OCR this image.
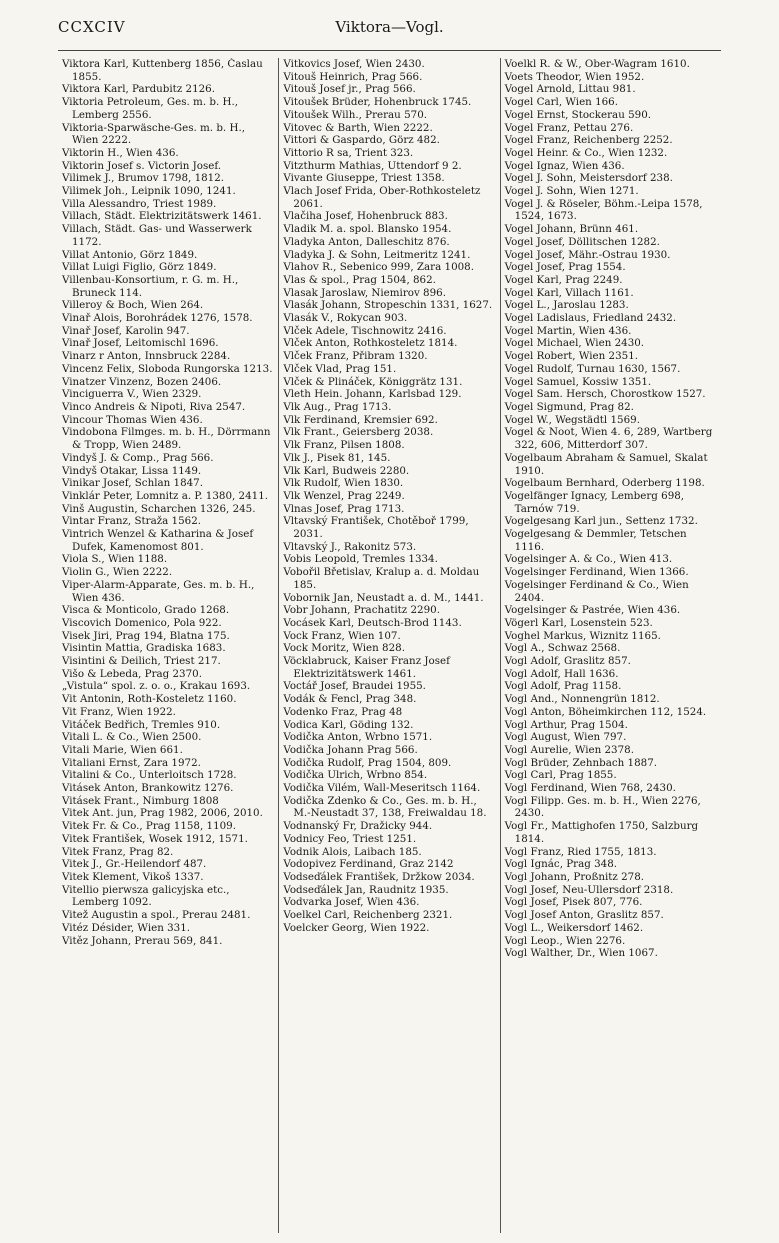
CCXCIV	Viktora—Vogl.
Viktora Karl, Kuttenberg 1856, Časlau 1855.
Viktora Karl, Pardubitz 2126.
Viktoria Petroleum, Ges. m. b. H., Lemberg 2556.
Viktoria-Sparwäsche-Ges. m. b. H., Wien 2222.
Viktorin H., Wien 436.
Viktorin Josef s. Victorin Josef.
Vilimek J., Brumov 1798, 1812.
Vilimek Joh., Leipnik 1090, 1241.
Villa Alessandro, Triest 1989.
Villach, Städt. Elektrizitätswerk 1461.
Villach, Städt. Gas- und Wasserwerk 1172.
Villat Antonio, Görz 1849.
Villat Luigi Figlio, Görz 1849.
Villenbau-Konsortium, r. G. m. H., Bruneck 114.
Villeroy & Boch, Wien 264.
Vinař Alois, Borohrádek 1276, 1578.
Vinař Josef, Karolin 947.
Vinař Josef, Leitomischl 1696.
Vinarz r Anton, Innsbruck 2284.
Vincenz Felix, Sloboda Rungorska 1213.
Vinatzer Vinzenz, Bozen 2406.
Vinciguerra V., Wien 2329.
Vinco Andreis & Nipoti, Riva 2547.
Vincour Thomas Wien 436.
Vindobona Filmges. m. b. H., Dörrmann & Tropp, Wien 2489.
Vindyš J. & Comp., Prag 566.
Vindyš Otakar, Lissa 1149.
Vinikar Josef, Schlan 1847.
Vinklár Peter, Lomnitz a. P. 1380, 2411.
Vinš Augustin, Scharchen 1326, 245.
Vintar Franz, Straža 1562.
Vintrich Wenzel & Katharina & Josef Dufek, Kamenomost 801.
Viola S., Wien 1188.
Violin G., Wien 2222.
Viper-Alarm-Apparate, Ges. m. b. H., Wien 436.
Visca & Monticolo, Grado 1268.
Viscovich Domenico, Pola 922.
Visek Jiri, Prag 194, Blatna 175.
Visintin Mattia, Gradiska 1683.
Visintini & Deilich, Triest 217.
Višo & Lebeda, Prag 2370.
„Vistula“ spol. z. o. o., Krakau 1693.
Vit Antonin, Roth-Kosteletz 1160.
Vit Franz, Wien 1922.
Vitáček Bedřich, Tremles 910.
Vitali L. & Co., Wien 2500.
Vitali Marie, Wien 661.
Vitaliani Ernst, Zara 1972.
Vitalini & Co., Unterloitsch 1728.
Vitásek Anton, Brankowitz 1276.
Vitásek Frant., Nimburg 1808
Vitek Ant. jun, Prag 1982, 2006, 2010.
Vitek Fr. & Co., Prag 1158, 1109.
Vitek František, Wosek 1912, 1571.
Vitek Franz, Prag 82.
Vitek J., Gr.-Heilendorf 487.
Vitek Klement, Vikoš 1337.
Vitellio pierwsza galicyjska etc., Lemberg 1092.
Vitež Augustin a spol., Prerau 2481.
Vitéz Désider, Wien 331.
Vitěz Johann, Prerau 569, 841.
Vitkovics Josef, Wien 2430.
Vitouš Heinrich, Prag 566.
Vitouš Josef jr., Prag 566.
Vitoušek Brüder, Hohenbruck 1745.
Vitoušek Wilh., Prerau 570.
Vitovec & Barth, Wien 2222.
Vittori & Gaspardo, Görz 482.
Vittorio R sa, Trient 323.
Vitzthurm Mathias, Uttendorf 9 2.
Vivante Giuseppe, Triest 1358.
Vlach Josef Frida, Ober-Rothkosteletz 2061.
Vlačiha Josef, Hohenbruck 883.
Vladik M. a. spol. Blansko 1954.
Vladyka Anton, Dalleschitz 876.
Vladyka J. & Sohn, Leitmeritz 1241.
Vlahov R., Sebenico 999, Zara 1008.
Vlas & spol., Prag 1504, 862.
Vlasak Jaroslaw, Niemirov 896.
Vlasák Johann, Stropeschin 1331, 1627.
Vlasák V., Rokycan 903.
Vlček Adele, Tischnowitz 2416.
Vlček Anton, Rothkosteletz 1814.
Vlček Franz, Přibram 1320.
Vlček Vlad, Prag 151.
Vlček & Plináček, Königgrätz 131.
Vleth Hein. Johann, Karlsbad 129.
Vlk Aug., Prag 1713.
Vlk Ferdinand, Kremsier 692.
Vlk Frant., Geiersberg 2038.
Vlk Franz, Pilsen 1808.
Vlk J., Pisek 81, 145.
Vlk Karl, Budweis 2280.
Vlk Rudolf, Wien 1830.
Vlk Wenzel, Prag 2249.
Vlnas Josef, Prag 1713.
Vltavský František, Chotěboř 1799, 2031.
Vltavský J., Rakonitz 573.
Vobis Leopold, Tremles 1334.
Vobořil Břetislav, Kralup a. d. Moldau 185.
Vobornik Jan, Neustadt a. d. M., 1441.
Vobr Johann, Prachatitz 2290.
Vocásek Karl, Deutsch-Brod 1143.
Vock Franz, Wien 107.
Vock Moritz, Wien 828.
Vöcklabruck, Kaiser Franz Josef Elektrizitätswerk 1461.
Voctář Josef, Braudei 1955.
Vodák & Fencl, Prag 348.
Vodenko Fraz, Prag 48
Vodica Karl, Göding 132.
Vodička Anton, Wrbno 1571.
Vodička Johann Prag 566.
Vodička Rudolf, Prag 1504, 809.
Vodička Ulrich, Wrbno 854.
Vodička Vilém, Wall-Meseritsch 1164.
Vodička Zdenko & Co., Ges. m. b. H., M.-Neustadt 37, 138, Freiwaldau 18.
Vodnanský Fr, Dražicky 944.
Vodnicy Feo, Triest 1251.
Vodnik Alois, Laibach 185.
Vodopivez Ferdinand, Graz 2142
Vodseďálek František, Držkow 2034.
Vodseďálek Jan, Raudnitz 1935.
Vodvarka Josef, Wien 436.
Voelkel Carl, Reichenberg 2321.
Voelcker Georg, Wien 1922.
Voelkl R. & W., Ober-Wagram 1610.
Voets Theodor, Wien 1952.
Vogel Arnold, Littau 981.
Vogel Carl, Wien 166.
Vogel Ernst, Stockerau 590.
Vogel Franz, Pettau 276.
Vogel Franz, Reichenberg 2252.
Vogel Heinr. & Co., Wien 1232.
Vogel Ignaz, Wien 436.
Vogel J. Sohn, Meistersdorf 238.
Vogel J. Sohn, Wien 1271.
Vogel J. & Röseler, Böhm.-Leipa 1578, 1524, 1673.
Vogel Johann, Brünn 461.
Vogel Josef, Döllitschen 1282.
Vogel Josef, Mähr.-Ostrau 1930.
Vogel Josef, Prag 1554.
Vogel Karl, Prag 2249.
Vogel Karl, Villach 1161.
Vogel L., Jaroslau 1283.
Vogel Ladislaus, Friedland 2432.
Vogel Martin, Wien 436.
Vogel Michael, Wien 2430.
Vogel Robert, Wien 2351.
Vogel Rudolf, Turnau 1630, 1567.
Vogel Samuel, Kossiw 1351.
Vogel Sam. Hersch, Chorostkow 1527.
Vogel Sigmund, Prag 82.
Vogel W., Wegstädtl 1569.
Vogel & Noot, Wien 4. 6, 289, Wartberg 322, 606, Mitterdorf 307.
Vogelbaum Abraham & Samuel, Skalat 1910.
Vogelbaum Bernhard, Oderberg 1198.
Vogelfänger Ignacy, Lemberg 698, Tarnów 719.
Vogelgesang Karl jun., Settenz 1732.
Vogelgesang & Demmler, Tetschen 1116.
Vogelsinger A. & Co., Wien 413.
Vogelsinger Ferdinand, Wien 1366.
Vogelsinger Ferdinand & Co., Wien 2404.
Vogelsinger & Pastrée, Wien 436.
Vögerl Karl, Losenstein 523.
Voghel Markus, Wiznitz 1165.
Vogl A., Schwaz 2568.
Vogl Adolf, Graslitz 857.
Vogl Adolf, Hall 1636.
Vogl Adolf, Prag 1158.
Vogl And., Nonnengrün 1812.
Vogl Anton, Böheimkirchen 112, 1524.
Vogl Arthur, Prag 1504.
Vogl August, Wien 797.
Vogl Aurelie, Wien 2378.
Vogl Brüder, Zehnbach 1887.
Vogl Carl, Prag 1855.
Vogl Ferdinand, Wien 768, 2430.
Vogl Filipp. Ges. m. b. H., Wien 2276, 2430.
Vogl Fr., Mattighofen 1750, Salzburg 1814.
Vogl Franz, Ried 1755, 1813.
Vogl Ignác, Prag 348.
Vogl Johann, Proßnitz 278.
Vogl Josef, Neu-Ullersdorf 2318.
Vogl Josef, Pisek 807, 776.
Vogl Josef Anton, Graslitz 857.
Vogl L., Weikersdorf 1462.
Vogl Leop., Wien 2276.
Vogl Walther, Dr., Wien 1067.
